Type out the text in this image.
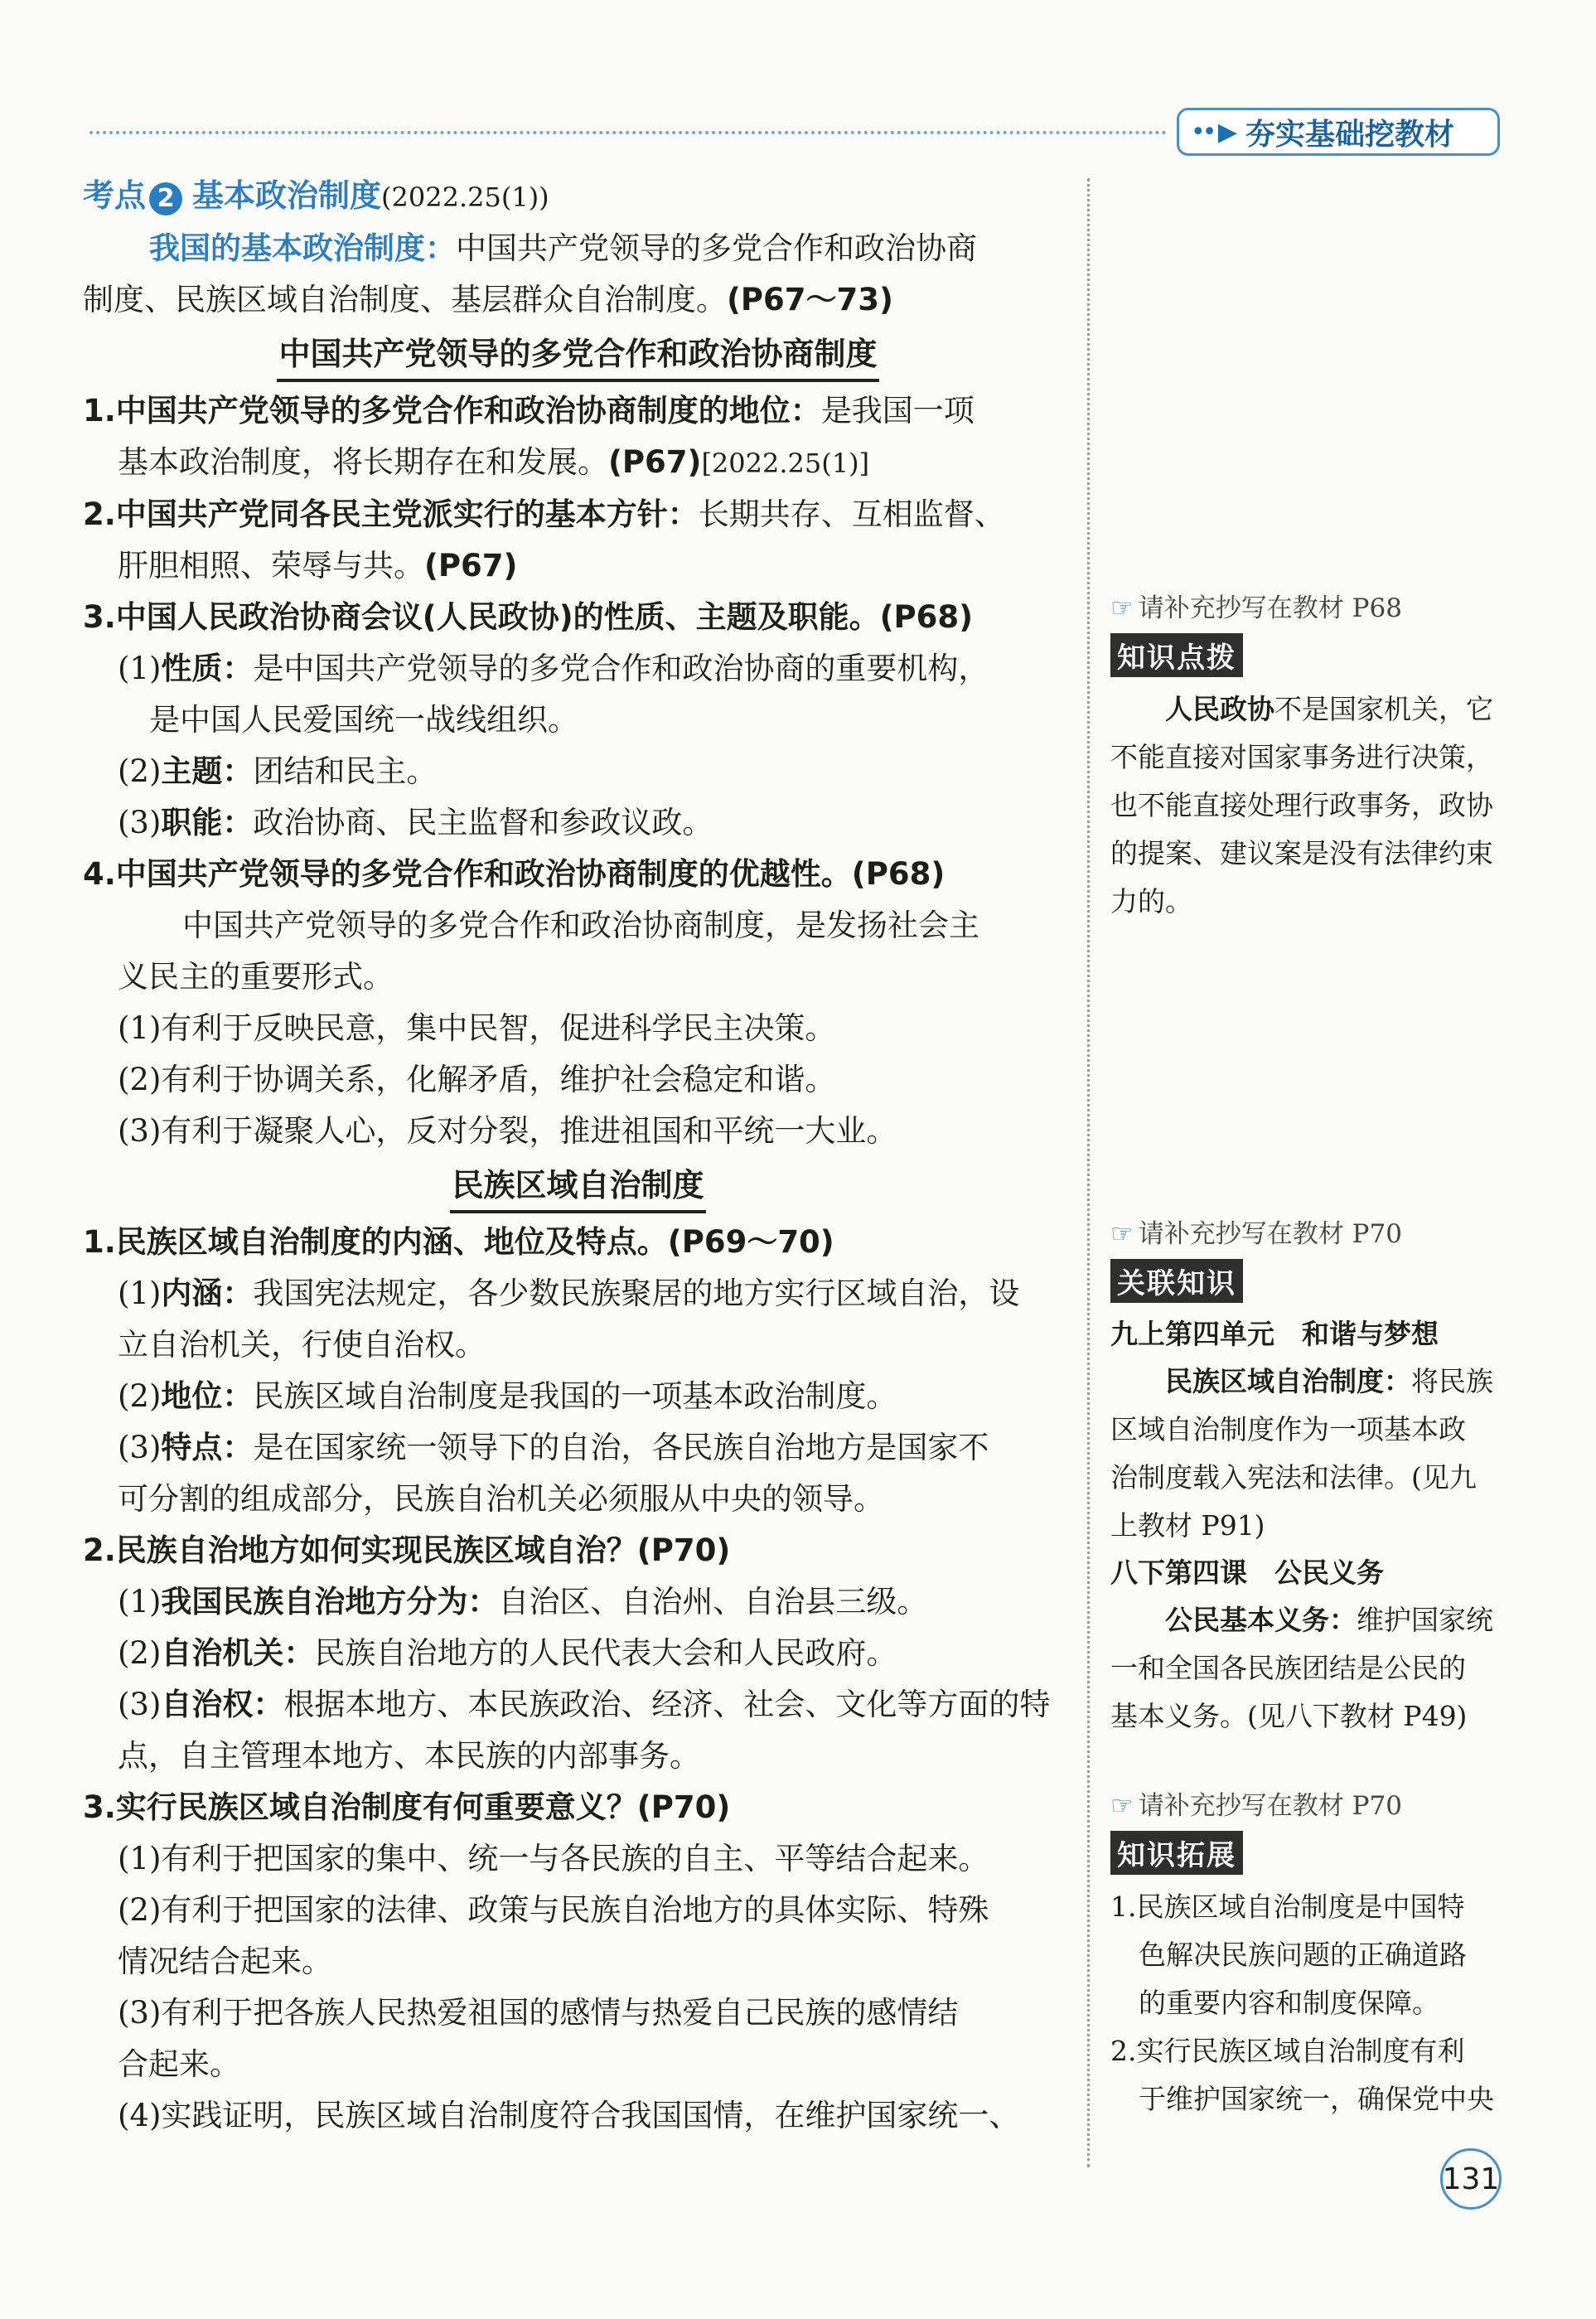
•• ▶ 夯实基础挖教材
考点 2 基本政治制度(2022.25(1))
我国的基本政治制度：中国共产党领导的多党合作和政治协商
制度、民族区域自治制度、基层群众自治制度。(P67～73)
中国共产党领导的多党合作和政治协商制度
1.中国共产党领导的多党合作和政治协商制度的地位：是我国一项
基本政治制度，将长期存在和发展。(P67)[2022.25(1)]
2.中国共产党同各民主党派实行的基本方针：长期共存、互相监督、
肝胆相照、荣辱与共。(P67)
3.中国人民政治协商会议(人民政协)的性质、主题及职能。(P68)
(1)性质：是中国共产党领导的多党合作和政治协商的重要机构，
是中国人民爱国统一战线组织。
(2)主题：团结和民主。
(3)职能：政治协商、民主监督和参政议政。
4.中国共产党领导的多党合作和政治协商制度的优越性。(P68)
中国共产党领导的多党合作和政治协商制度，是发扬社会主
义民主的重要形式。
(1)有利于反映民意，集中民智，促进科学民主决策。
(2)有利于协调关系，化解矛盾，维护社会稳定和谐。
(3)有利于凝聚人心，反对分裂，推进祖国和平统一大业。
民族区域自治制度
1.民族区域自治制度的内涵、地位及特点。(P69～70)
(1)内涵：我国宪法规定，各少数民族聚居的地方实行区域自治，设
立自治机关，行使自治权。
(2)地位：民族区域自治制度是我国的一项基本政治制度。
(3)特点：是在国家统一领导下的自治，各民族自治地方是国家不
可分割的组成部分，民族自治机关必须服从中央的领导。
2.民族自治地方如何实现民族区域自治？(P70)
(1)我国民族自治地方分为：自治区、自治州、自治县三级。
(2)自治机关：民族自治地方的人民代表大会和人民政府。
(3)自治权：根据本地方、本民族政治、经济、社会、文化等方面的特
点，自主管理本地方、本民族的内部事务。
3.实行民族区域自治制度有何重要意义？(P70)
(1)有利于把国家的集中、统一与各民族的自主、平等结合起来。
(2)有利于把国家的法律、政策与民族自治地方的具体实际、特殊
情况结合起来。
(3)有利于把各族人民热爱祖国的感情与热爱自己民族的感情结
合起来。
(4)实践证明，民族区域自治制度符合我国国情，在维护国家统一、
☞ 请补充抄写在教材 P68
知识点拨
人民政协不是国家机关，它
不能直接对国家事务进行决策，
也不能直接处理行政事务，政协
的提案、建议案是没有法律约束
力的。
☞ 请补充抄写在教材 P70
关联知识
九上第四单元　和谐与梦想
民族区域自治制度：将民族
区域自治制度作为一项基本政
治制度载入宪法和法律。(见九
上教材 P91)
八下第四课　公民义务
公民基本义务：维护国家统
一和全国各民族团结是公民的
基本义务。(见八下教材 P49)
☞ 请补充抄写在教材 P70
知识拓展
1.民族区域自治制度是中国特
色解决民族问题的正确道路
的重要内容和制度保障。
2.实行民族区域自治制度有利
于维护国家统一，确保党中央
131
